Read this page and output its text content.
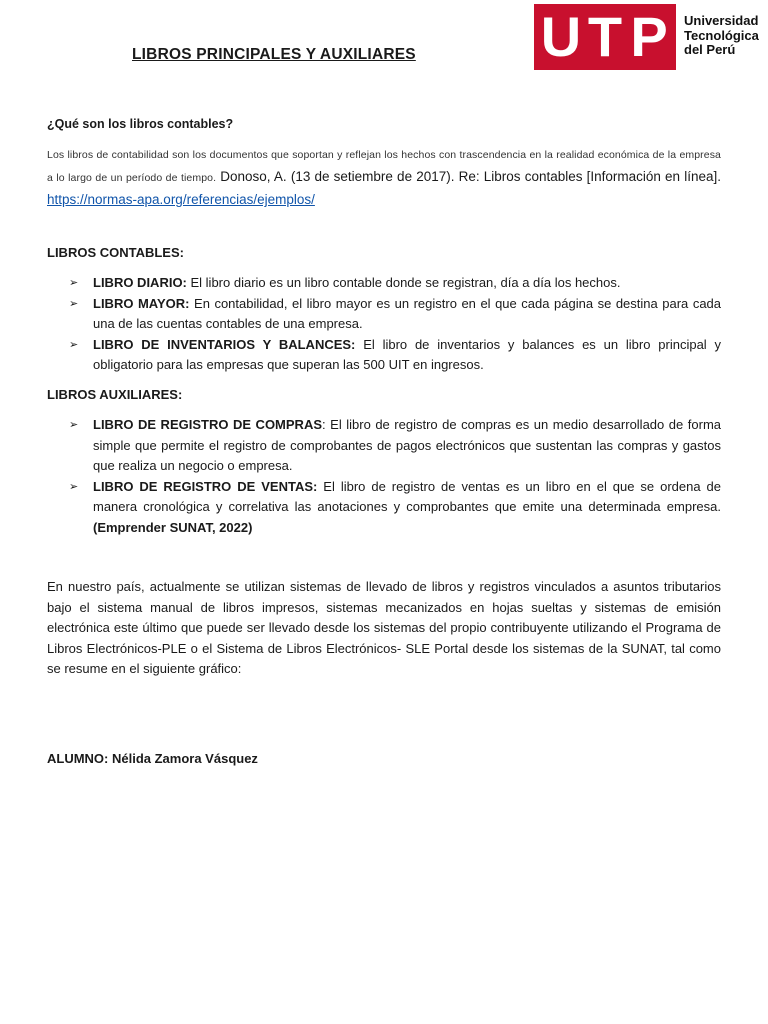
LIBROS PRINCIPALES Y AUXILIARES U T P Universidad
Tecnológica
del Perú
¿Qué son los libros contables?
Los libros de contabilidad son los documentos que soportan y reflejan los hechos con trascendencia en la realidad económica de la empresa a lo largo de un período de tiempo. Donoso, A. (13 de setiembre de 2017). Re: Libros contables [Información en línea]. https://normas-apa.org/referencias/ejemplos/
LIBROS CONTABLES:
➢ LIBRO DIARIO: El libro diario es un libro contable donde se registran, día a día los hechos.
➢ LIBRO MAYOR: En contabilidad, el libro mayor es un registro en el que cada página se destina para cada una de las cuentas contables de una empresa.
➢ LIBRO DE INVENTARIOS Y BALANCES: El libro de inventarios y balances es un libro principal y obligatorio para las empresas que superan las 500 UIT en ingresos.
LIBROS AUXILIARES:
➢ LIBRO DE REGISTRO DE COMPRAS: El libro de registro de compras es un medio desarrollado de forma simple que permite el registro de comprobantes de pagos electrónicos que sustentan las compras y gastos que realiza un negocio o empresa.
➢ LIBRO DE REGISTRO DE VENTAS: El libro de registro de ventas es un libro en el que se ordena de manera cronológica y correlativa las anotaciones y comprobantes que emite una determinada empresa. (Emprender SUNAT, 2022)
En nuestro país, actualmente se utilizan sistemas de llevado de libros y registros vinculados a asuntos tributarios bajo el sistema manual de libros impresos, sistemas mecanizados en hojas sueltas y sistemas de emisión electrónica este último que puede ser llevado desde los sistemas del propio contribuyente utilizando el Programa de Libros Electrónicos-PLE o el Sistema de Libros Electrónicos- SLE Portal desde los sistemas de la SUNAT, tal como se resume en el siguiente gráfico:
ALUMNO: Nélida Zamora Vásquez
